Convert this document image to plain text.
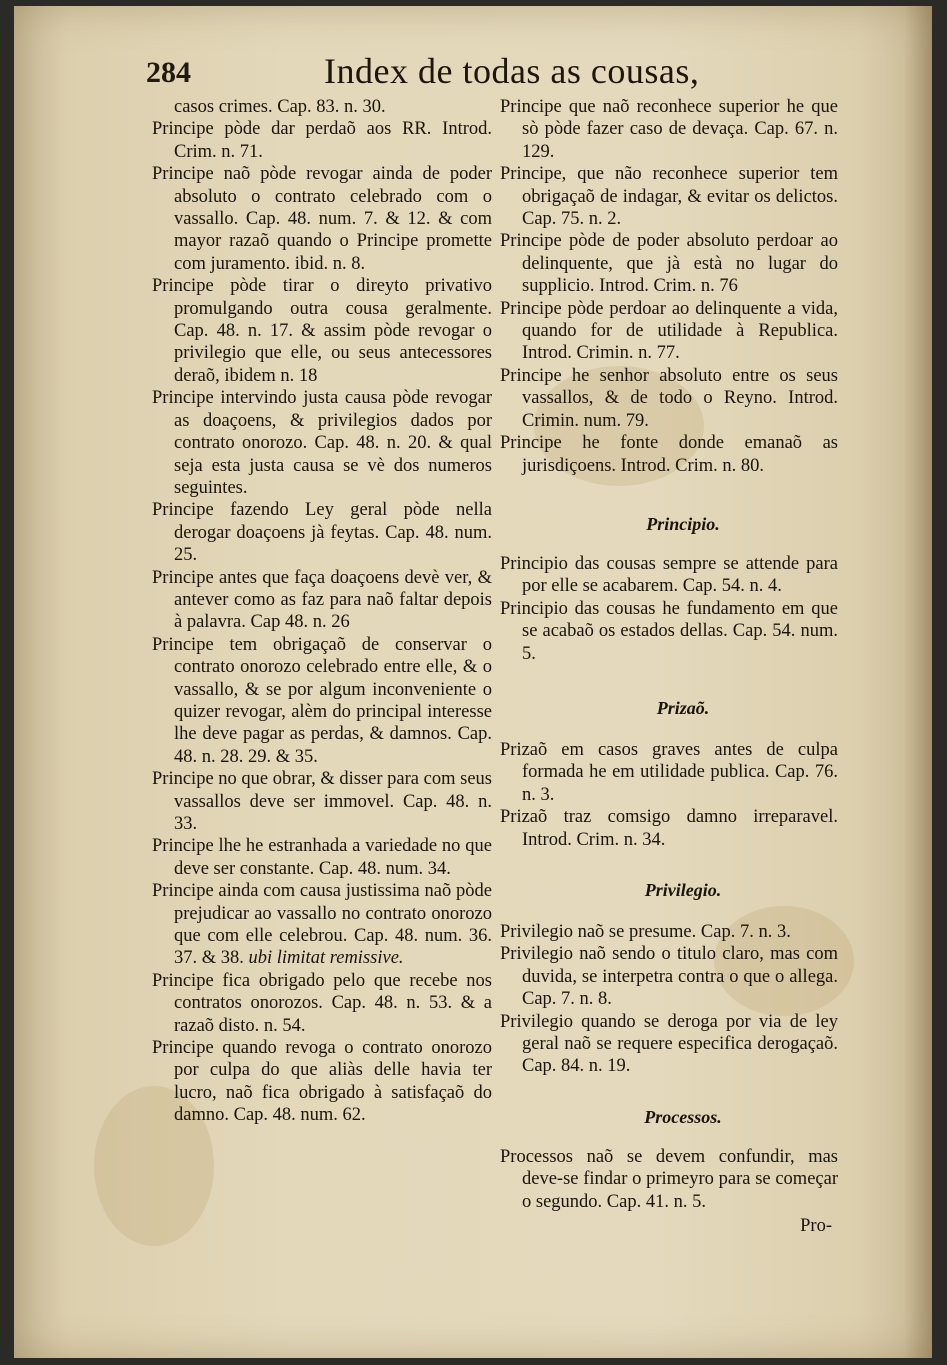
284	Index de todas as cousas,

casos crimes. Cap. 83. n. 30.

Principe pòde dar perdaõ aos RR. Introd. Crim. n. 71.

Principe naõ pòde revogar ainda de poder absoluto o contrato celebrado com o vassallo. Cap. 48. num. 7. & 12. & com mayor razaõ quando o Principe promette com juramento. ibid. n. 8.

Principe pòde tirar o direyto privativo promulgando outra cousa geralmente. Cap. 48. n. 17. & assim pòde revogar o privilegio que elle, ou seus antecessores deraõ, ibidem n. 18

Principe intervindo justa causa pòde revogar as doaçoens, & privilegios dados por contrato onorozo. Cap. 48. n. 20. & qual seja esta justa causa se vè dos numeros seguintes.

Principe fazendo Ley geral pòde nella derogar doaçoens jà feytas. Cap. 48. num. 25.

Principe antes que faça doaçoens devè ver, & antever como as faz para naõ faltar depois à palavra. Cap 48. n. 26

Principe tem obrigaçaõ de conservar o contrato onorozo celebrado entre elle, & o vassallo, & se por algum inconveniente o quizer revogar, alèm do principal interesse lhe deve pagar as perdas, & damnos. Cap. 48. n. 28. 29. & 35.

Principe no que obrar, & disser para com seus vassallos deve ser immovel. Cap. 48. n. 33.

Principe lhe he estranhada a variedade no que deve ser constante. Cap. 48. num. 34.

Principe ainda com causa justissima naõ pòde prejudicar ao vassallo no contrato onorozo que com elle celebrou. Cap. 48. num. 36. 37. & 38. ubi limitat remissive.

Principe fica obrigado pelo que recebe nos contratos onorozos. Cap. 48. n. 53. & a razaõ disto. n. 54.

Principe quando revoga o contrato onorozo por culpa do que aliàs delle havia ter lucro, naõ fica obrigado à satisfaçaõ do damno. Cap. 48. num. 62.

Principe que naõ reconhece superior he que sò pòde fazer caso de devaça. Cap. 67. n. 129.

Principe, que não reconhece superior tem obrigaçaõ de indagar, & evitar os delictos. Cap. 75. n. 2.

Principe pòde de poder absoluto perdoar ao delinquente, que jà està no lugar do supplicio. Introd. Crim. n. 76

Principe pòde perdoar ao delinquente a vida, quando for de utilidade à Republica. Introd. Crimin. n. 77.

Principe he senhor absoluto entre os seus vassallos, & de todo o Reyno. Introd. Crimin. num. 79.

Principe he fonte donde emanaõ as jurisdiçoens. Introd. Crim. n. 80.

Principio.

Principio das cousas sempre se attende para por elle se acabarem. Cap. 54. n. 4.

Principio das cousas he fundamento em que se acabaõ os estados dellas. Cap. 54. num. 5.

Prizaõ.

Prizaõ em casos graves antes de culpa formada he em utilidade publica. Cap. 76. n. 3.

Prizaõ traz comsigo damno irreparavel. Introd. Crim. n. 34.

Privilegio.

Privilegio naõ se presume. Cap. 7. n. 3.

Privilegio naõ sendo o titulo claro, mas com duvida, se interpetra contra o que o allega. Cap. 7. n. 8.

Privilegio quando se deroga por via de ley geral naõ se requere especifica derogaçaõ. Cap. 84. n. 19.

Processos.

Processos naõ se devem confundir, mas deve-se findar o primeyro para se começar o segundo. Cap. 41. n. 5.

Pro-
